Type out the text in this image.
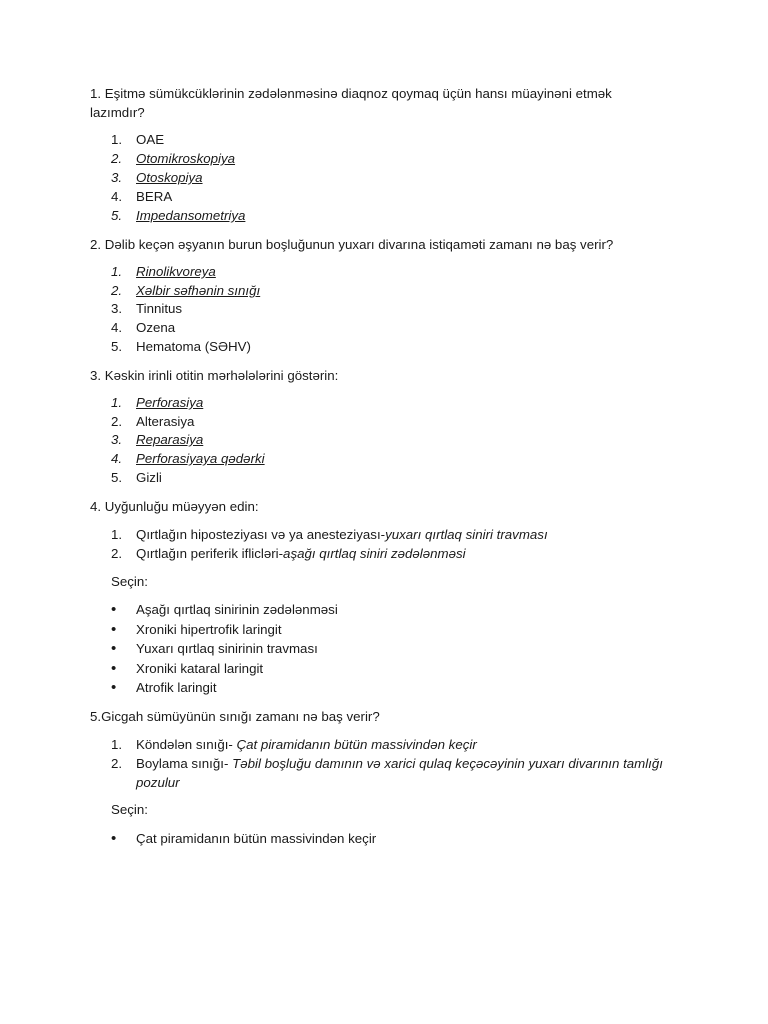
1. Eşitmə sümükcüklərinin zədələnməsinə diaqnoz qoymaq üçün hansı müayinəni etmək
lazımdır?

1. OAE
2. Otomikroskopiya
3. Otoskopiya
4. BERA
5. Impedansometriya

2. Dəlib keçən əşyanın burun boşluğunun yuxarı divarına istiqaməti zamanı nə baş verir?

1. Rinolikvoreya
2. Xəlbir səfhənin sınığı
3. Tinnitus
4. Ozena
5. Hematoma (SƏHV)

3. Kəskin irinli otitin mərhələlərini göstərin:

1. Perforasiya
2. Alterasiya
3. Reparasiya
4. Perforasiyaya qədərki
5. Gizli

4. Uyğunluğu müəyyən edin:

1. Qırtlağın hiposteziyası və ya anesteziyası-yuxarı qırtlaq siniri travması
2. Qırtlağın periferik iflicləri-aşağı qırtlaq siniri zədələnməsi
Seçin:
• Aşağı qırtlaq sinirinin zədələnməsi
• Xroniki hipertrofik laringit
• Yuxarı qırtlaq sinirinin travması
• Xroniki kataral laringit
• Atrofik laringit

5.Gicgah sümüyünün sınığı zamanı nə baş verir?

1. Köndələn sınığı- Çat piramidanın bütün massivindən keçir
2. Boylama sınığı- Təbil boşluğu damının və xarici qulaq keçəcəyinin yuxarı divarının tamlığı
pozulur
Seçin:
• Çat piramidanın bütün massivindən keçir
